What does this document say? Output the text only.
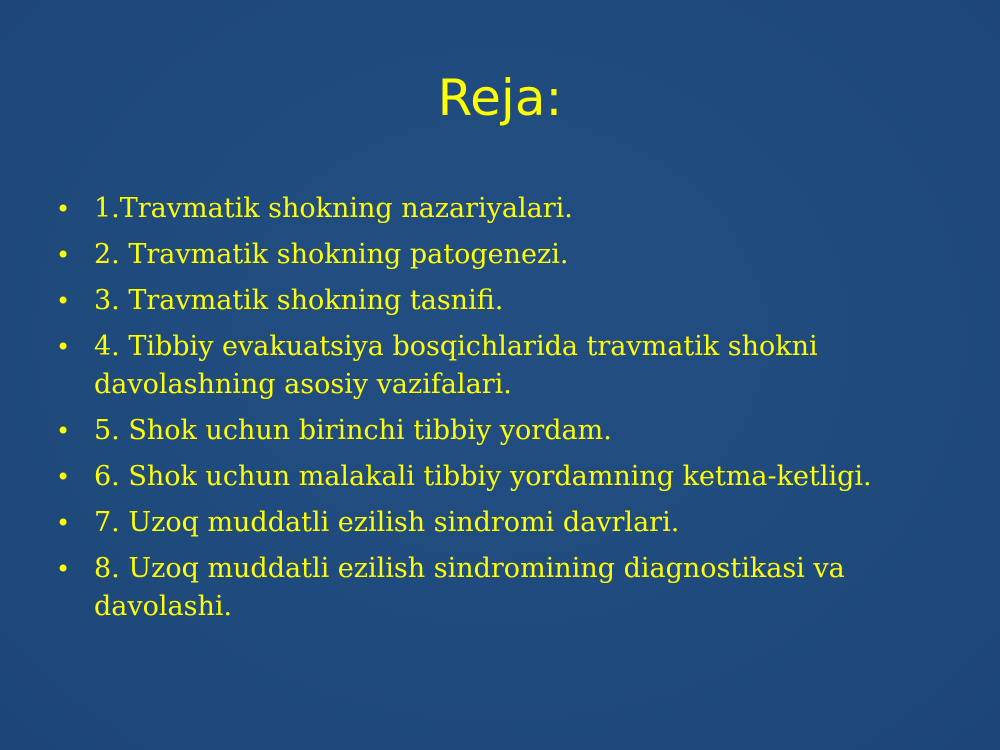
Reja:
• 1.Travmatik shokning nazariyalari.
• 2. Travmatik shokning patogenezi.
• 3. Travmatik shokning tasnifi.
• 4. Tibbiy evakuatsiya bosqichlarida travmatik shokni davolashning asosiy vazifalari.
• 5. Shok uchun birinchi tibbiy yordam.
• 6. Shok uchun malakali tibbiy yordamning ketma-ketligi.
• 7. Uzoq muddatli ezilish sindromi davrlari.
• 8. Uzoq muddatli ezilish sindromining diagnostikasi va davolashi.
